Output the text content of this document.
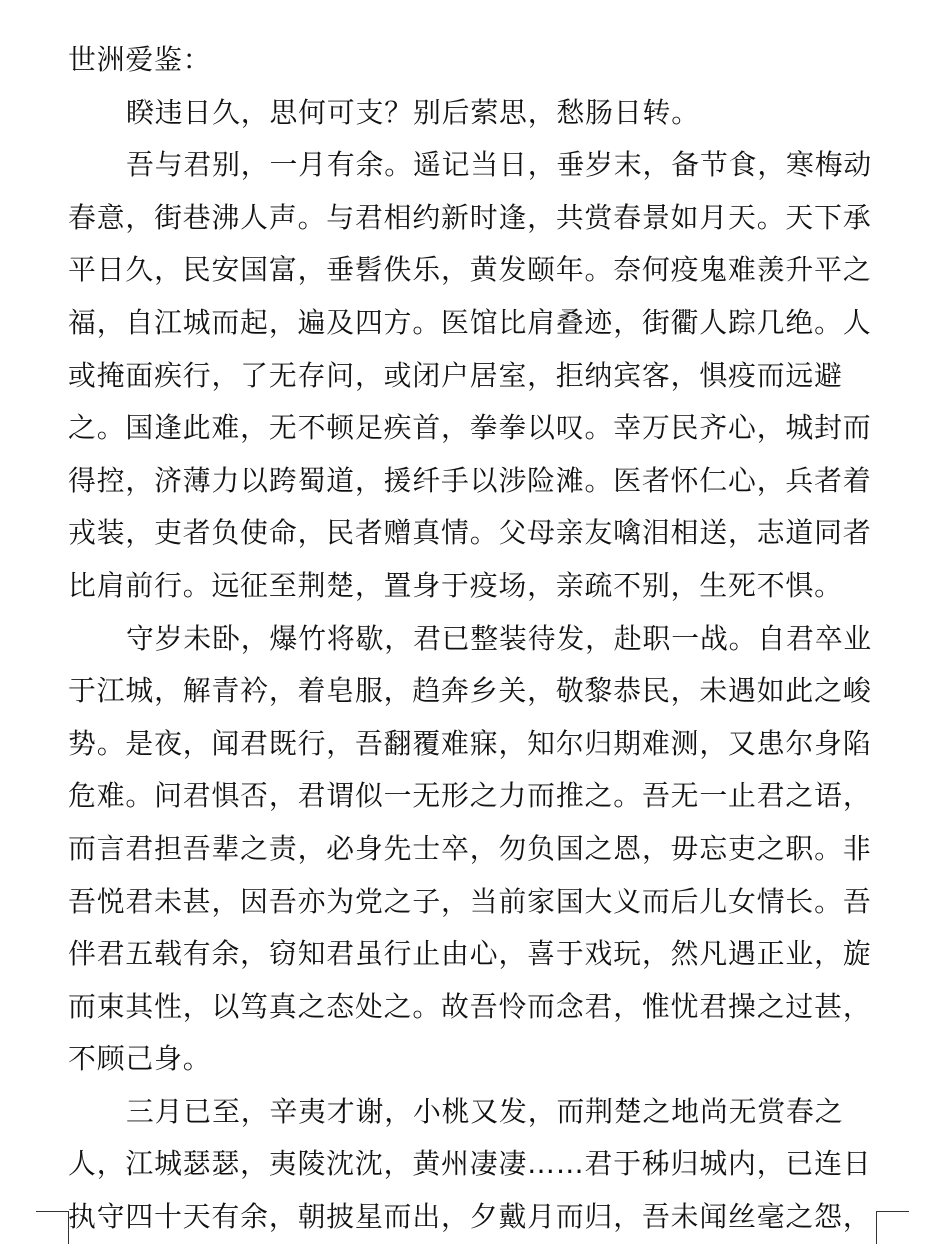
世洲爱鉴：
睽违日久，思何可支？别后萦思，愁肠日转。
吾与君别，一月有余。遥记当日，垂岁末，备节食，寒梅动
春意，街巷沸人声。与君相约新时逢，共赏春景如月天。天下承
平日久，民安国富，垂髫佚乐，黄发颐年。奈何疫鬼难羡升平之
福，自江城而起，遍及四方。医馆比肩叠迹，街衢人踪几绝。人
或掩面疾行，了无存问，或闭户居室，拒纳宾客，惧疫而远避
之。国逢此难，无不顿足疾首，拳拳以叹。幸万民齐心，城封而
得控，济薄力以跨蜀道，援纤手以涉险滩。医者怀仁心，兵者着
戎装，吏者负使命，民者赠真情。父母亲友噙泪相送，志道同者
比肩前行。远征至荆楚，置身于疫场，亲疏不别，生死不惧。
守岁未卧，爆竹将歇，君已整装待发，赴职一战。自君卒业
于江城，解青衿，着皂服，趋奔乡关，敬黎恭民，未遇如此之峻
势。是夜，闻君既行，吾翻覆难寐，知尔归期难测，又患尔身陷
危难。问君惧否，君谓似一无形之力而推之。吾无一止君之语，
而言君担吾辈之责，必身先士卒，勿负国之恩，毋忘吏之职。非
吾悦君未甚，因吾亦为党之子，当前家国大义而后儿女情长。吾
伴君五载有余，窃知君虽行止由心，喜于戏玩，然凡遇正业，旋
而束其性，以笃真之态处之。故吾怜而念君，惟忧君操之过甚，
不顾己身。
三月已至，辛夷才谢，小桃又发，而荆楚之地尚无赏春之
人，江城瑟瑟，夷陵沈沈，黄州凄凄……君于秭归城内，已连日
执守四十天有余，朝披星而出，夕戴月而归，吾未闻丝毫之怨，
